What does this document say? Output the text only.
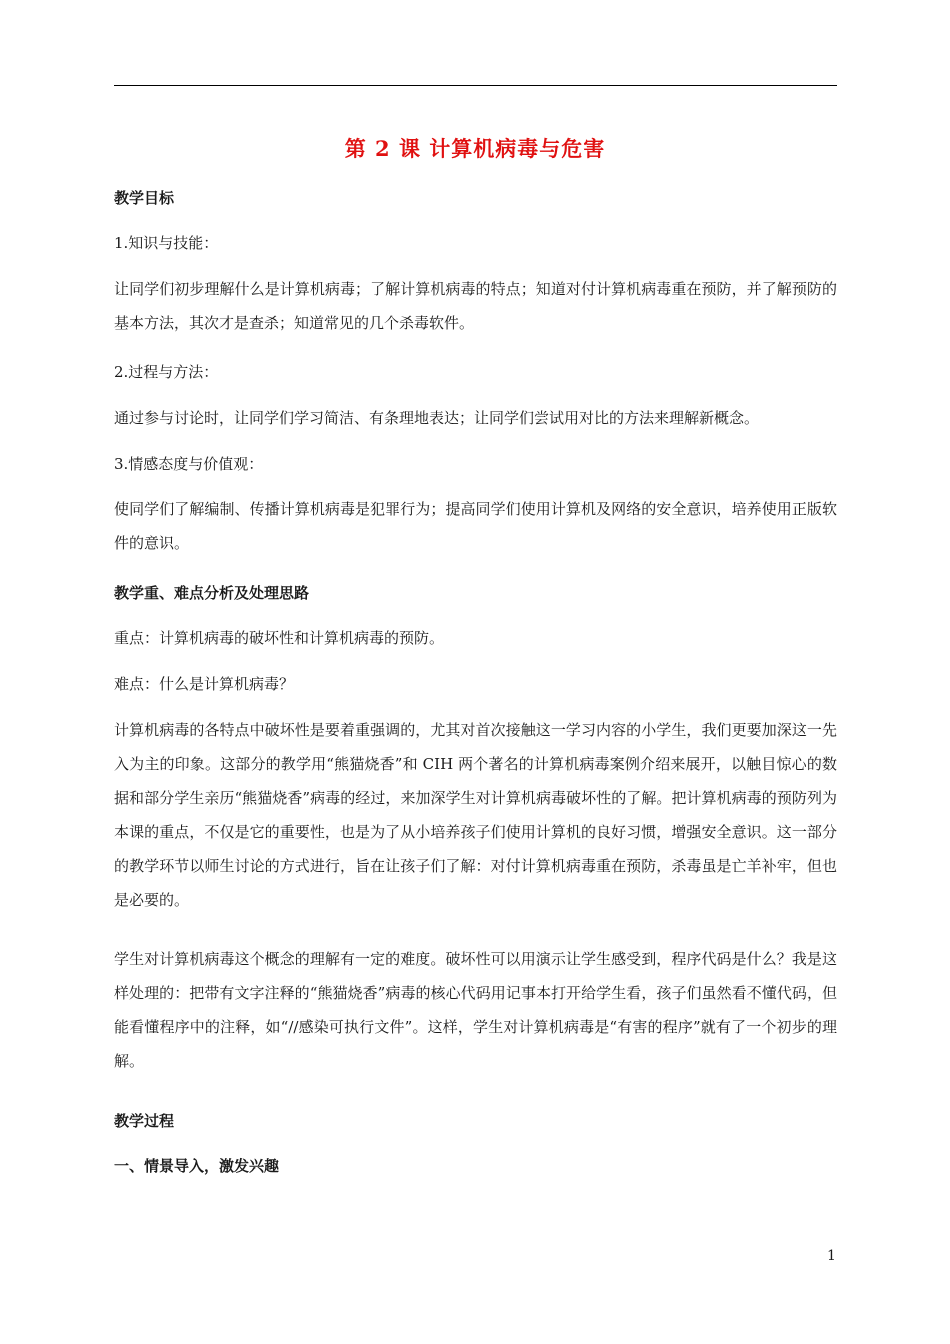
第 2 课 计算机病毒与危害

教学目标

1.知识与技能：

让同学们初步理解什么是计算机病毒；了解计算机病毒的特点；知道对付计算机病毒重在预防，并了解预防的基本方法，其次才是查杀；知道常见的几个杀毒软件。

2.过程与方法：

通过参与讨论时，让同学们学习简洁、有条理地表达；让同学们尝试用对比的方法来理解新概念。

3.情感态度与价值观：

使同学们了解编制、传播计算机病毒是犯罪行为；提高同学们使用计算机及网络的安全意识，培养使用正版软件的意识。

教学重、难点分析及处理思路

重点：计算机病毒的破坏性和计算机病毒的预防。

难点：什么是计算机病毒？

计算机病毒的各特点中破坏性是要着重强调的，尤其对首次接触这一学习内容的小学生，我们更要加深这一先入为主的印象。这部分的教学用“熊猫烧香”和 CIH 两个著名的计算机病毒案例介绍来展开，以触目惊心的数据和部分学生亲历“熊猫烧香”病毒的经过，来加深学生对计算机病毒破坏性的了解。把计算机病毒的预防列为本课的重点，不仅是它的重要性，也是为了从小培养孩子们使用计算机的良好习惯，增强安全意识。这一部分的教学环节以师生讨论的方式进行，旨在让孩子们了解：对付计算机病毒重在预防，杀毒虽是亡羊补牢，但也是必要的。

学生对计算机病毒这个概念的理解有一定的难度。破坏性可以用演示让学生感受到，程序代码是什么？我是这样处理的：把带有文字注释的“熊猫烧香”病毒的核心代码用记事本打开给学生看，孩子们虽然看不懂代码，但能看懂程序中的注释，如“//感染可执行文件”。这样，学生对计算机病毒是“有害的程序”就有了一个初步的理解。

教学过程

一、情景导入，激发兴趣

1
